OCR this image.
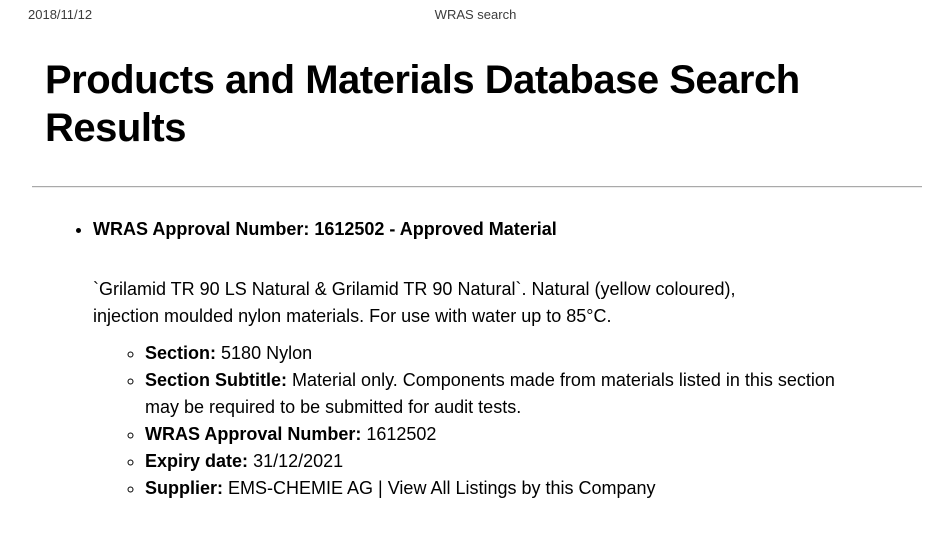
2018/11/12	WRAS search
Products and Materials Database Search Results
• WRAS Approval Number: 1612502 - Approved Material

`Grilamid TR 90 LS Natural & Grilamid TR 90 Natural`. Natural (yellow coloured), injection moulded nylon materials. For use with water up to 85°C.

◦ Section: 5180 Nylon
◦ Section Subtitle: Material only. Components made from materials listed in this section may be required to be submitted for audit tests.
◦ WRAS Approval Number: 1612502
◦ Expiry date: 31/12/2021
◦ Supplier: EMS-CHEMIE AG | View All Listings by this Company
